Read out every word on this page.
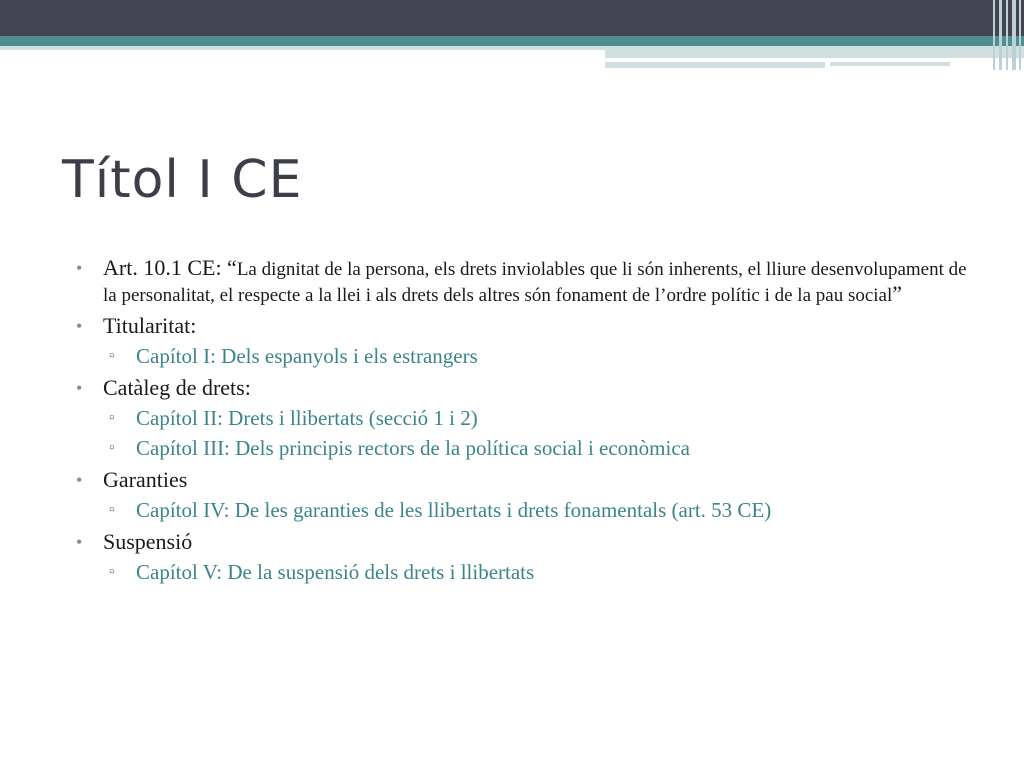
Títol I CE
• Art. 10.1 CE: “La dignitat de la persona, els drets inviolables que li són inherents, el lliure desenvolupament de la personalitat, el respecte a la llei i als drets dels altres són fonament de l’ordre polític i de la pau social”
• Titularitat:
▫ Capítol I: Dels espanyols i els estrangers
• Catàleg de drets:
▫ Capítol II: Drets i llibertats (secció 1 i 2)
▫ Capítol III: Dels principis rectors de la política social i econòmica
• Garanties
▫ Capítol IV: De les garanties de les llibertats i drets fonamentals (art. 53 CE)
• Suspensió
▫ Capítol V: De la suspensió dels drets i llibertats
